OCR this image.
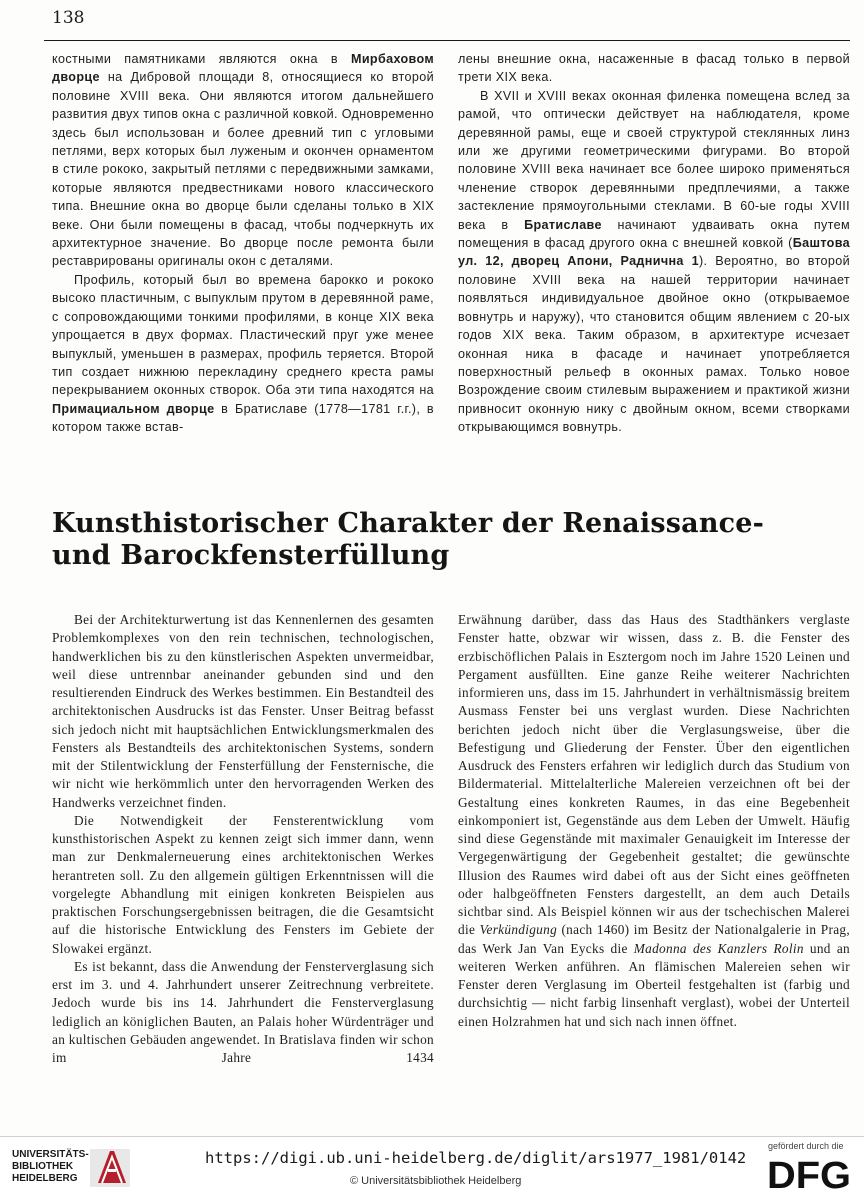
138

костными памятниками являются окна в Мирбаховом дворце на Дибровой площади 8, относящиеся ко второй половине XVIII века. Они являются итогом дальнейшего развития двух типов окна с различной ковкой. Одновременно здесь был использован и более древний тип с угловыми петлями, верх которых был луженым и окончен орнаментом в стиле рококо, закрытый петлями с передвижными замками, которые являются предвестниками нового классического типа. Внешние окна во дворце были сделаны только в XIX веке. Они были помещены в фасад, чтобы подчеркнуть их архитектурное значение. Во дворце после ремонта были реставрированы оригиналы окон с деталями.

Профиль, который был во времена барокко и рококо высоко пластичным, с выпуклым прутом в деревянной раме, с сопровождающими тонкими профилями, в конце XIX века упрощается в двух формах. Пластический пруг уже менее выпуклый, уменьшен в размерах, профиль теряется. Второй тип создает нижнюю перекладину среднего креста рамы перекрыванием оконных створок. Оба эти типа находятся на Примациальном дворце в Братиславе (1778—1781 г.г.), в котором также встав-

лены внешние окна, насаженные в фасад только в первой трети XIX века.

В XVII и XVIII веках оконная филенка помещена вслед за рамой, что оптически действует на наблюдателя, кроме деревянной рамы, еще и своей структурой стеклянных линз или же другими геометрическими фигурами. Во второй половине XVIII века начинает все более широко применяться членение створок деревянными предплечиями, а также застекление прямоугольными стеклами. В 60-ые годы XVIII века в Братиславе начинают удваивать окна путем помещения в фасад другого окна с внешней ковкой (Баштова ул. 12, дворец Апони, Раднична 1). Вероятно, во второй половине XVIII века на нашей территории начинает появляться индивидуальное двойное окно (открываемое вовнутрь и наружу), что становится общим явлением с 20-ых годов XIX века. Таким образом, в архитектуре исчезает оконная ника в фасаде и начинает употребляется поверхностный рельеф в оконных рамах. Только новое Возрождение своим стилевым выражением и практикой жизни привносит оконную нику с двойным окном, всеми створками открывающимся вовнутрь.

Kunsthistorischer Charakter der Renaissance- und Barockfensterfüllung

Bei der Architekturwertung ist das Kennenlernen des gesamten Problemkomplexes von den rein technischen, technologischen, handwerklichen bis zu den künstlerischen Aspekten unvermeidbar, weil diese untrennbar aneinander gebunden sind und den resultierenden Eindruck des Werkes bestimmen. Ein Bestandteil des architektonischen Ausdrucks ist das Fenster. Unser Beitrag befasst sich jedoch nicht mit hauptsächlichen Entwicklungsmerkmalen des Fensters als Bestandteils des architektonischen Systems, sondern mit der Stilentwicklung der Fensterfüllung der Fensternische, die wir nicht wie herkömmlich unter den hervorragenden Werken des Handwerks verzeichnet finden.

Die Notwendigkeit der Fensterentwicklung vom kunsthistorischen Aspekt zu kennen zeigt sich immer dann, wenn man zur Denkmalerneuerung eines architektonischen Werkes herantreten soll. Zu den allgemein gültigen Erkenntnissen will die vorgelegte Abhandlung mit einigen konkreten Beispielen aus praktischen Forschungsergebnissen beitragen, die die Gesamtsicht auf die historische Entwicklung des Fensters im Gebiete der Slowakei ergänzt.

Es ist bekannt, dass die Anwendung der Fensterverglasung sich erst im 3. und 4. Jahrhundert unserer Zeitrechnung verbreitete. Jedoch wurde bis ins 14. Jahrhundert die Fensterverglasung lediglich an königlichen Bauten, an Palais hoher Würdenträger und an kultischen Gebäuden angewendet. In Bratislava finden wir schon im Jahre 1434

Erwähnung darüber, dass das Haus des Stadthänkers verglaste Fenster hatte, obzwar wir wissen, dass z. B. die Fenster des erzbischöflichen Palais in Esztergom noch im Jahre 1520 Leinen und Pergament ausfüllten. Eine ganze Reihe weiterer Nachrichten informieren uns, dass im 15. Jahrhundert in verhältnismässig breitem Ausmass Fenster bei uns verglast wurden. Diese Nachrichten berichten jedoch nicht über die Verglasungsweise, über die Befestigung und Gliederung der Fenster. Über den eigentlichen Ausdruck des Fensters erfahren wir lediglich durch das Studium von Bildermaterial. Mittelalterliche Malereien verzeichnen oft bei der Gestaltung eines konkreten Raumes, in das eine Begebenheit einkomponiert ist, Gegenstände aus dem Leben der Umwelt. Häufig sind diese Gegenstände mit maximaler Genauigkeit im Interesse der Vergegenwärtigung der Gegebenheit gestaltet; die gewünschte Illusion des Raumes wird dabei oft aus der Sicht eines geöffneten oder halbgeöffneten Fensters dargestellt, an dem auch Details sichtbar sind. Als Beispiel können wir aus der tschechischen Malerei die Verkündigung (nach 1460) im Besitz der Nationalgalerie in Prag, das Werk Jan Van Eycks die Madonna des Kanzlers Rolin und an weiteren Werken anführen. An flämischen Malereien sehen wir Fenster deren Verglasung im Oberteil festgehalten ist (farbig und durchsichtig — nicht farbig linsenhaft verglast), wobei der Unterteil einen Holzrahmen hat und sich nach innen öffnet.

UNIVERSITÄTS-
BIBLIOTHEK
HEIDELBERG
https://digi.ub.uni-heidelberg.de/diglit/ars1977_1981/0142
© Universitätsbibliothek Heidelberg
gefördert durch die
DFG
